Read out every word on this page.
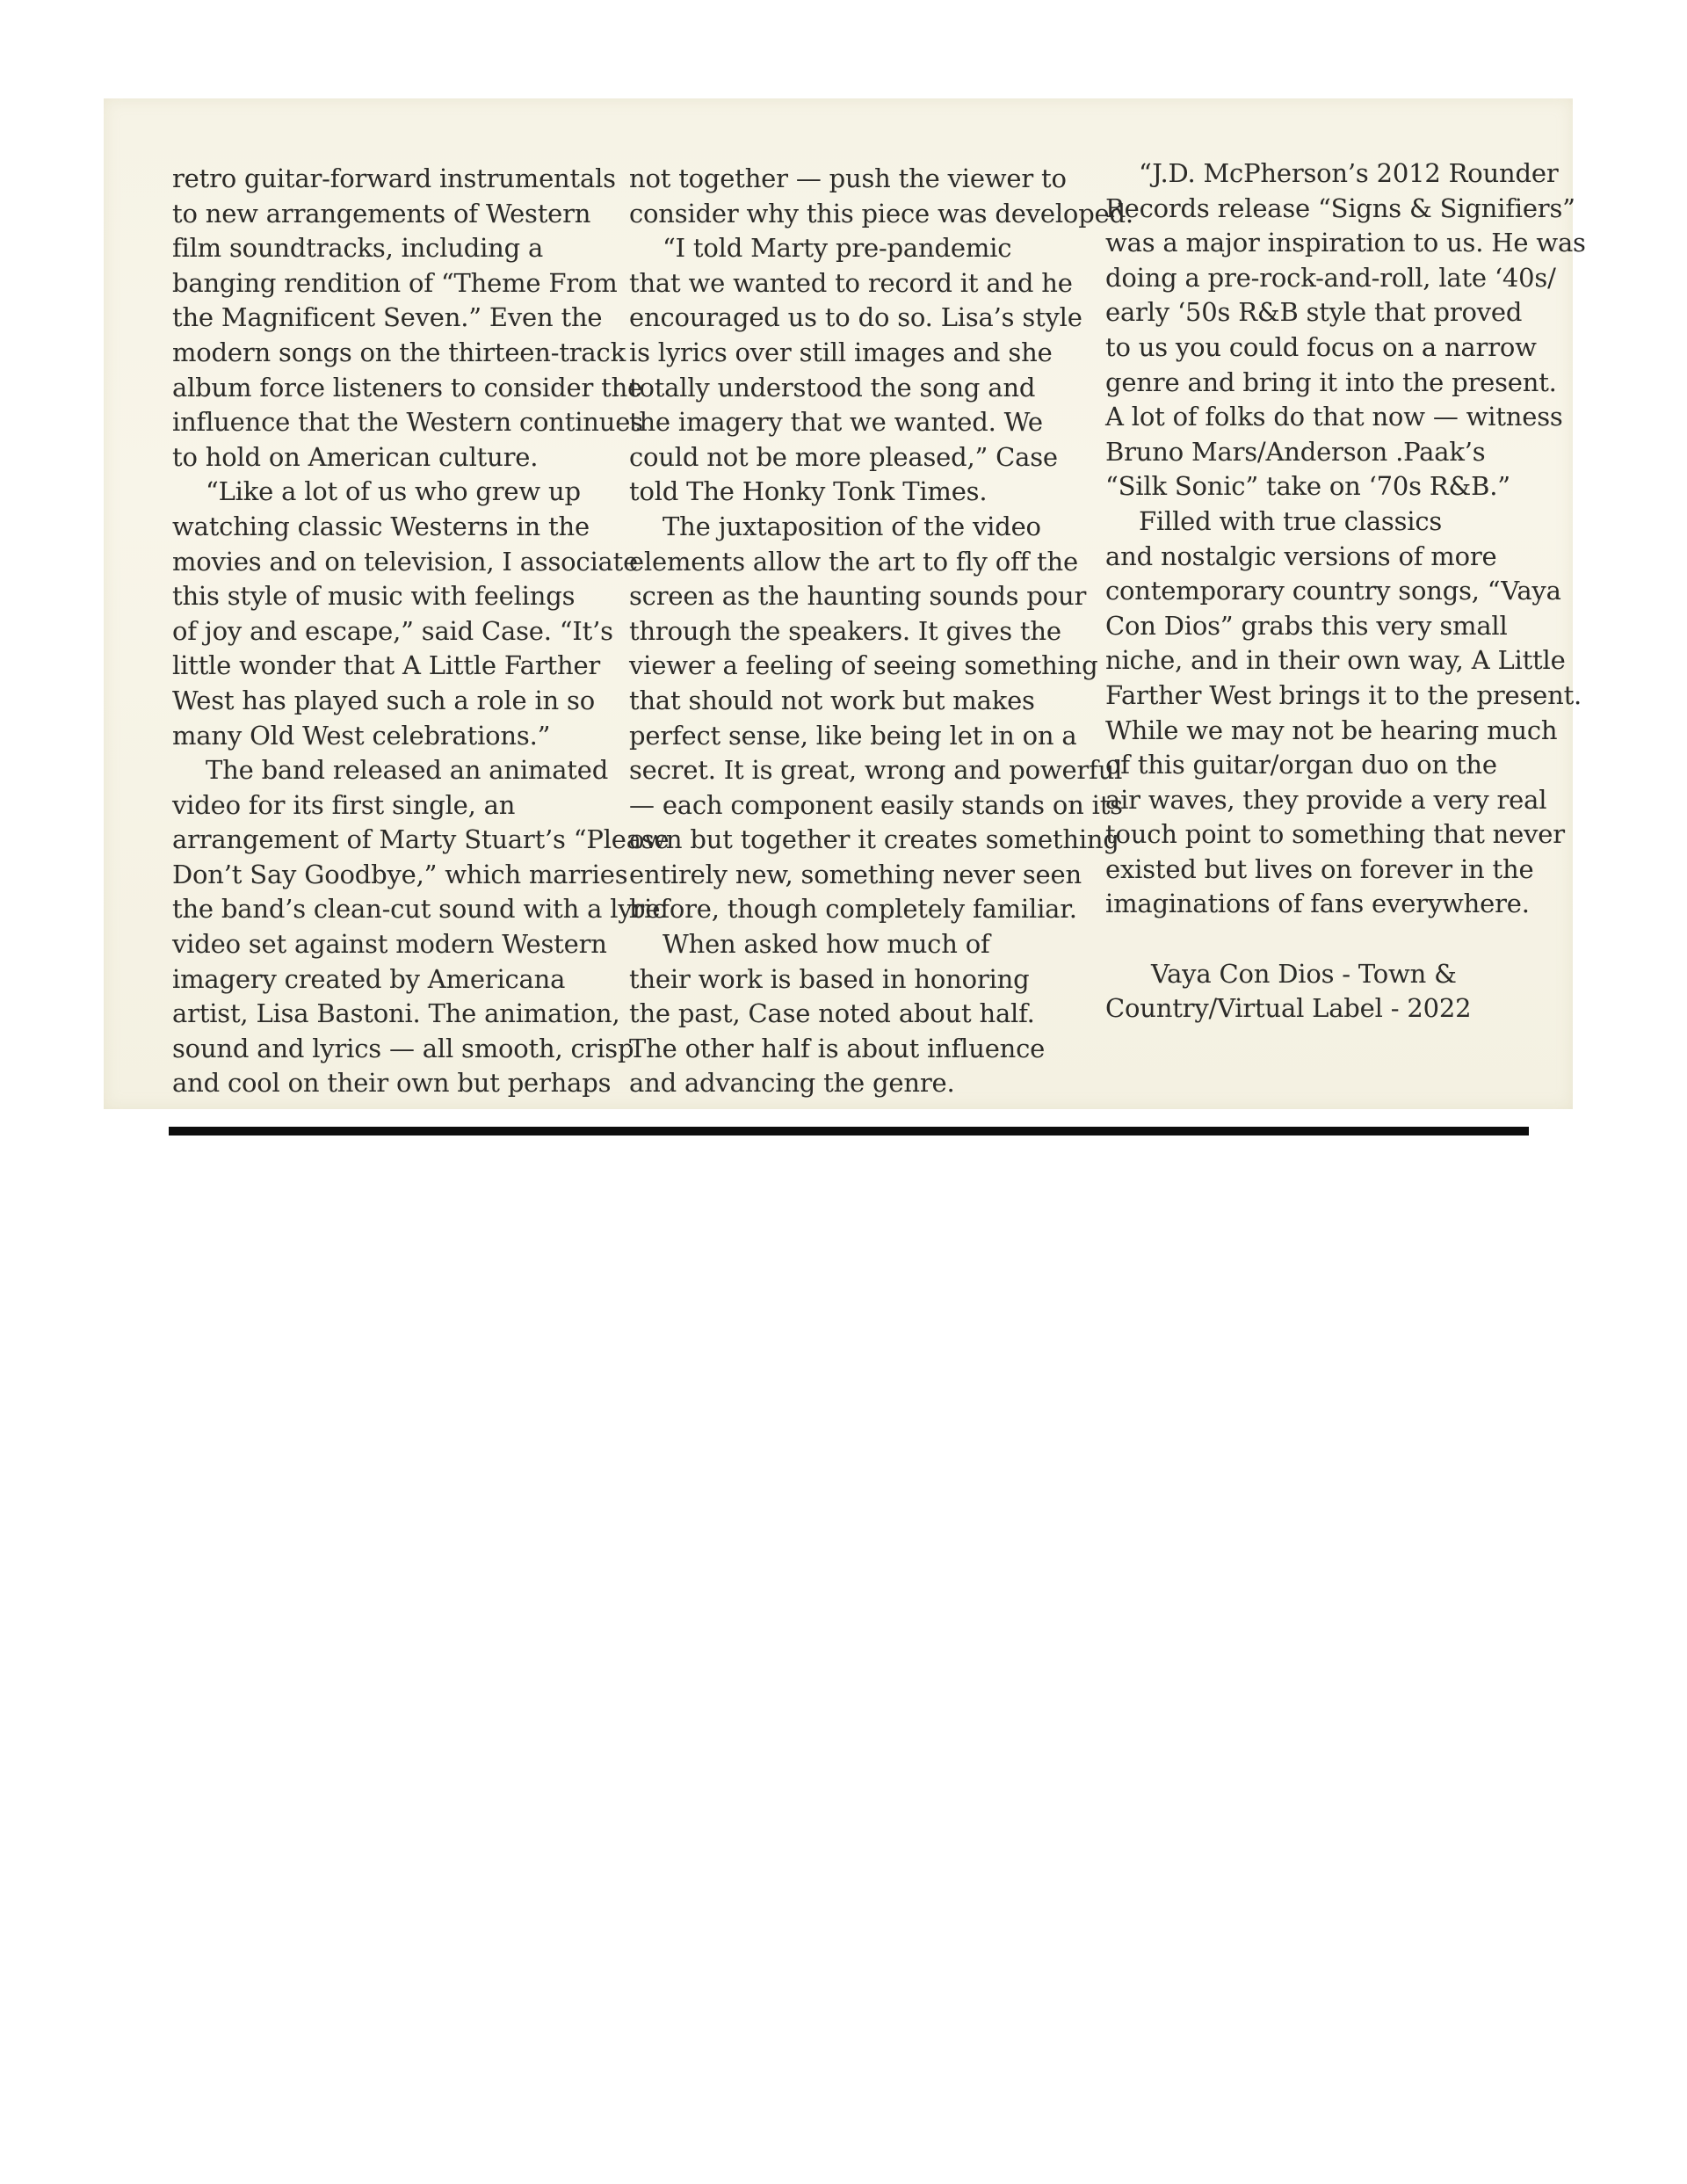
retro guitar-forward instrumentals
to new arrangements of Western
film soundtracks, including a
banging rendition of “Theme From
the Magnificent Seven.” Even the
modern songs on the thirteen-track
album force listeners to consider the
influence that the Western continues
to hold on American culture.
“Like a lot of us who grew up
watching classic Westerns in the
movies and on television, I associate
this style of music with feelings
of joy and escape,” said Case. “It’s
little wonder that A Little Farther
West has played such a role in so
many Old West celebrations.”
The band released an animated
video for its first single, an
arrangement of Marty Stuart’s “Please
Don’t Say Goodbye,” which marries
the band’s clean-cut sound with a lyric
video set against modern Western
imagery created by Americana
artist, Lisa Bastoni. The animation,
sound and lyrics — all smooth, crisp
and cool on their own but perhaps
not together — push the viewer to
consider why this piece was developed.
“I told Marty pre-pandemic
that we wanted to record it and he
encouraged us to do so. Lisa’s style
is lyrics over still images and she
totally understood the song and
the imagery that we wanted. We
could not be more pleased,” Case
told The Honky Tonk Times.
The juxtaposition of the video
elements allow the art to fly off the
screen as the haunting sounds pour
through the speakers. It gives the
viewer a feeling of seeing something
that should not work but makes
perfect sense, like being let in on a
secret. It is great, wrong and powerful
— each component easily stands on its
own but together it creates something
entirely new, something never seen
before, though completely familiar.
When asked how much of
their work is based in honoring
the past, Case noted about half.
The other half is about influence
and advancing the genre.
“J.D. McPherson’s 2012 Rounder
Records release “Signs & Signifiers”
was a major inspiration to us. He was
doing a pre-rock-and-roll, late ‘40s/
early ‘50s R&B style that proved
to us you could focus on a narrow
genre and bring it into the present.
A lot of folks do that now — witness
Bruno Mars/Anderson .Paak’s
“Silk Sonic” take on ‘70s R&B.”
Filled with true classics
and nostalgic versions of more
contemporary country songs, “Vaya
Con Dios” grabs this very small
niche, and in their own way, A Little
Farther West brings it to the present.
While we may not be hearing much
of this guitar/organ duo on the
air waves, they provide a very real
touch point to something that never
existed but lives on forever in the
imaginations of fans everywhere.
Vaya Con Dios - Town &
Country/Virtual Label - 2022
